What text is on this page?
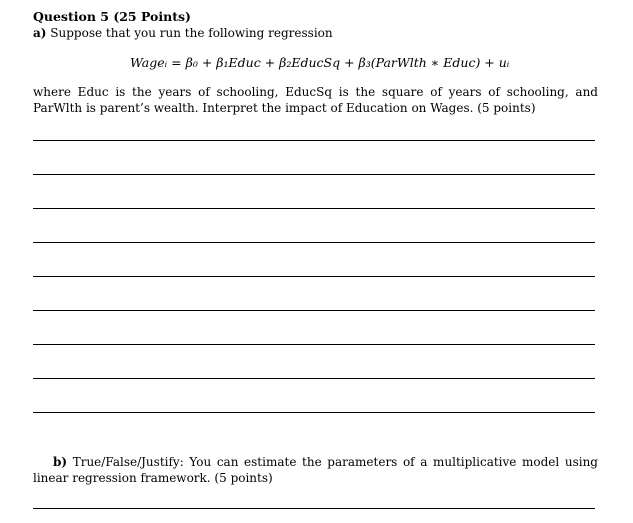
Question 5 (25 Points)
a) Suppose that you run the following regression
Wageᵢ = β₀ + β₁Educ + β₂EducSq + β₃(ParWlth ∗ Educ) + uᵢ
where Educ is the years of schooling, EducSq is the square of years of schooling, and ParWlth is parent’s wealth. Interpret the impact of Education on Wages. (5 points)
b) True/False/Justify: You can estimate the parameters of a multiplicative model using linear regression framework. (5 points)
